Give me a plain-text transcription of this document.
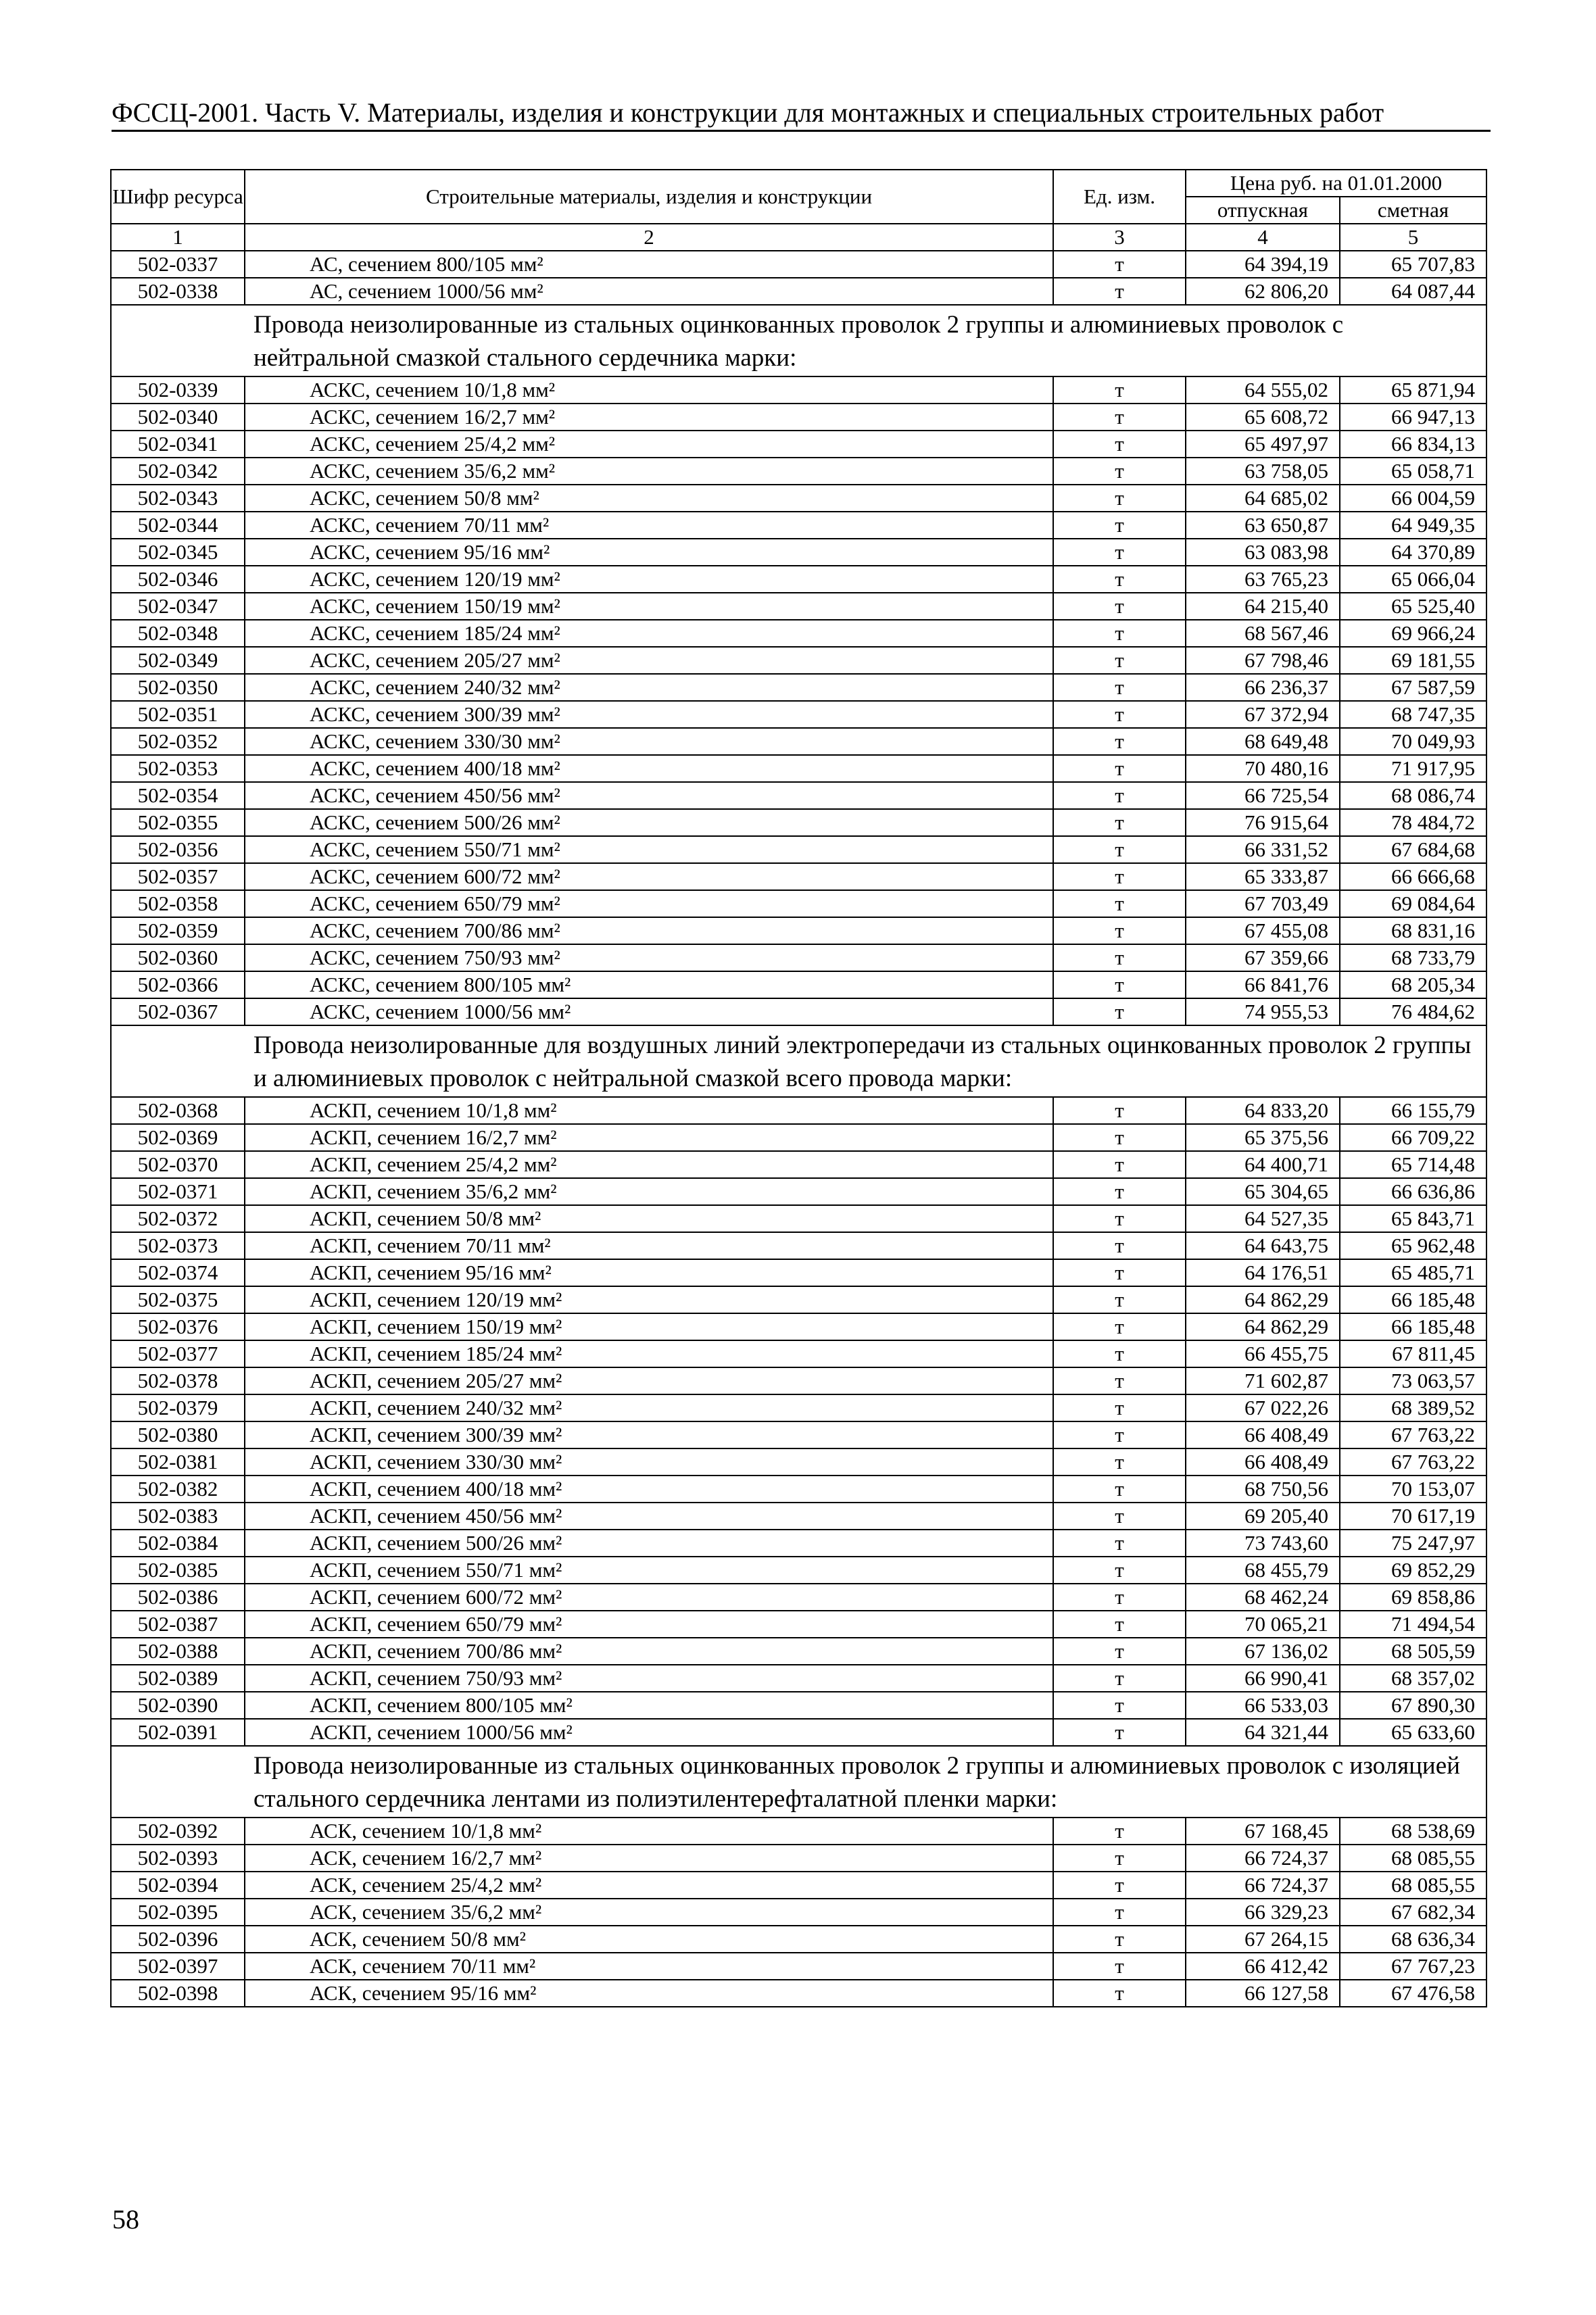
ФССЦ-2001. Часть V. Материалы, изделия и конструкции для монтажных и специальных строительных работ
Шифр ресурса	Строительные материалы, изделия и конструкции	Ед. изм.	Цена руб. на 01.01.2000	
			отпускная	сметная
1	2	3	4	5
502-0337	АС, сечением 800/105 мм²	т	64 394,19	65 707,83
502-0338	АС, сечением 1000/56 мм²	т	62 806,20	64 087,44
Провода неизолированные из стальных оцинкованных проволок 2 группы и алюминиевых проволок с нейтральной смазкой стального сердечника марки:				
502-0339	АСКС, сечением 10/1,8 мм²	т	64 555,02	65 871,94
502-0340	АСКС, сечением 16/2,7 мм²	т	65 608,72	66 947,13
502-0341	АСКС, сечением 25/4,2 мм²	т	65 497,97	66 834,13
502-0342	АСКС, сечением 35/6,2 мм²	т	63 758,05	65 058,71
502-0343	АСКС, сечением 50/8 мм²	т	64 685,02	66 004,59
502-0344	АСКС, сечением 70/11 мм²	т	63 650,87	64 949,35
502-0345	АСКС, сечением 95/16 мм²	т	63 083,98	64 370,89
502-0346	АСКС, сечением 120/19 мм²	т	63 765,23	65 066,04
502-0347	АСКС, сечением 150/19 мм²	т	64 215,40	65 525,40
502-0348	АСКС, сечением 185/24 мм²	т	68 567,46	69 966,24
502-0349	АСКС, сечением 205/27 мм²	т	67 798,46	69 181,55
502-0350	АСКС, сечением 240/32 мм²	т	66 236,37	67 587,59
502-0351	АСКС, сечением 300/39 мм²	т	67 372,94	68 747,35
502-0352	АСКС, сечением 330/30 мм²	т	68 649,48	70 049,93
502-0353	АСКС, сечением 400/18 мм²	т	70 480,16	71 917,95
502-0354	АСКС, сечением 450/56 мм²	т	66 725,54	68 086,74
502-0355	АСКС, сечением 500/26 мм²	т	76 915,64	78 484,72
502-0356	АСКС, сечением 550/71 мм²	т	66 331,52	67 684,68
502-0357	АСКС, сечением 600/72 мм²	т	65 333,87	66 666,68
502-0358	АСКС, сечением 650/79 мм²	т	67 703,49	69 084,64
502-0359	АСКС, сечением 700/86 мм²	т	67 455,08	68 831,16
502-0360	АСКС, сечением 750/93 мм²	т	67 359,66	68 733,79
502-0366	АСКС, сечением 800/105 мм²	т	66 841,76	68 205,34
502-0367	АСКС, сечением 1000/56 мм²	т	74 955,53	76 484,62
Провода неизолированные для воздушных линий электропередачи из стальных оцинкованных проволок 2 группы и алюминиевых проволок с нейтральной смазкой всего провода марки:				
502-0368	АСКП, сечением 10/1,8 мм²	т	64 833,20	66 155,79
502-0369	АСКП, сечением 16/2,7 мм²	т	65 375,56	66 709,22
502-0370	АСКП, сечением 25/4,2 мм²	т	64 400,71	65 714,48
502-0371	АСКП, сечением 35/6,2 мм²	т	65 304,65	66 636,86
502-0372	АСКП, сечением 50/8 мм²	т	64 527,35	65 843,71
502-0373	АСКП, сечением 70/11 мм²	т	64 643,75	65 962,48
502-0374	АСКП, сечением 95/16 мм²	т	64 176,51	65 485,71
502-0375	АСКП, сечением 120/19 мм²	т	64 862,29	66 185,48
502-0376	АСКП, сечением 150/19 мм²	т	64 862,29	66 185,48
502-0377	АСКП, сечением 185/24 мм²	т	66 455,75	67 811,45
502-0378	АСКП, сечением 205/27 мм²	т	71 602,87	73 063,57
502-0379	АСКП, сечением 240/32 мм²	т	67 022,26	68 389,52
502-0380	АСКП, сечением 300/39 мм²	т	66 408,49	67 763,22
502-0381	АСКП, сечением 330/30 мм²	т	66 408,49	67 763,22
502-0382	АСКП, сечением 400/18 мм²	т	68 750,56	70 153,07
502-0383	АСКП, сечением 450/56 мм²	т	69 205,40	70 617,19
502-0384	АСКП, сечением 500/26 мм²	т	73 743,60	75 247,97
502-0385	АСКП, сечением 550/71 мм²	т	68 455,79	69 852,29
502-0386	АСКП, сечением 600/72 мм²	т	68 462,24	69 858,86
502-0387	АСКП, сечением 650/79 мм²	т	70 065,21	71 494,54
502-0388	АСКП, сечением 700/86 мм²	т	67 136,02	68 505,59
502-0389	АСКП, сечением 750/93 мм²	т	66 990,41	68 357,02
502-0390	АСКП, сечением 800/105 мм²	т	66 533,03	67 890,30
502-0391	АСКП, сечением 1000/56 мм²	т	64 321,44	65 633,60
Провода неизолированные из стальных оцинкованных проволок 2 группы и алюминиевых проволок с изоляцией стального сердечника лентами из полиэтилентерефталатной пленки марки:				
502-0392	АСК, сечением 10/1,8 мм²	т	67 168,45	68 538,69
502-0393	АСК, сечением 16/2,7 мм²	т	66 724,37	68 085,55
502-0394	АСК, сечением 25/4,2 мм²	т	66 724,37	68 085,55
502-0395	АСК, сечением 35/6,2 мм²	т	66 329,23	67 682,34
502-0396	АСК, сечением 50/8 мм²	т	67 264,15	68 636,34
502-0397	АСК, сечением 70/11 мм²	т	66 412,42	67 767,23
502-0398	АСК, сечением 95/16 мм²	т	66 127,58	67 476,58
58
